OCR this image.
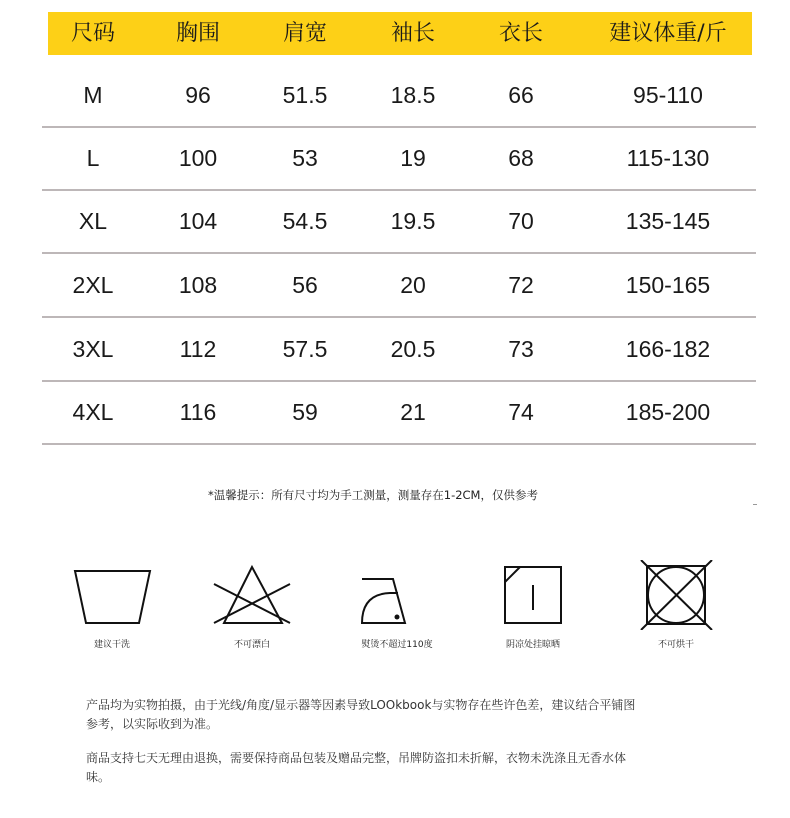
尺码	胸围	肩宽	袖长	衣长	建议体重/斤
M	96	51.5	18.5	66	95-110
L	100	53	19	68	115-130
XL	104	54.5	19.5	70	135-145
2XL	108	56	20	72	150-165
3XL	112	57.5	20.5	73	166-182
4XL	116	59	21	74	185-200
*温馨提示：所有尺寸均为手工测量，测量存在1-2CM，仅供参考
建议干洗	不可漂白	熨烫不超过110度	阴凉处挂晾晒	不可烘干
产品均为实物拍摄，由于光线/角度/显示器等因素导致LOOkbook与实物存在些许色差，建议结合平铺图参考，以实际收到为准。
商品支持七天无理由退换，需要保持商品包装及赠品完整，吊牌防盗扣未折解，衣物未洗涤且无香水体味。
